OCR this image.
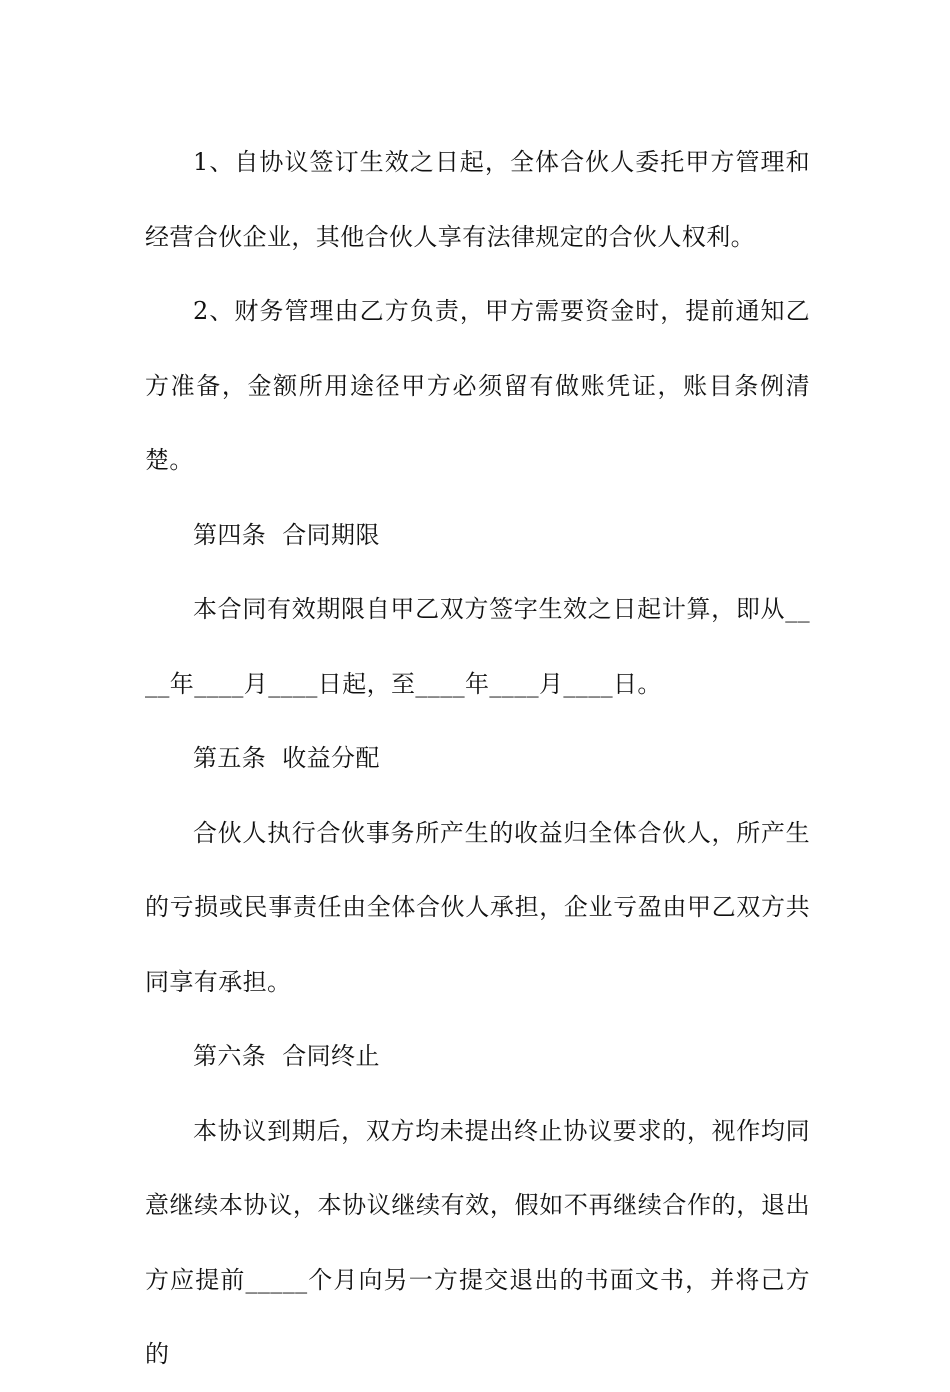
1、自协议签订生效之日起，全体合伙人委托甲方管理和经营合伙企业，其他合伙人享有法律规定的合伙人权利。

2、财务管理由乙方负责，甲方需要资金时，提前通知乙方准备，金额所用途径甲方必须留有做账凭证，账目条例清楚。

第四条  合同期限

本合同有效期限自甲乙双方签字生效之日起计算，即从____年____月____日起，至____年____月____日。

第五条  收益分配

合伙人执行合伙事务所产生的收益归全体合伙人，所产生的亏损或民事责任由全体合伙人承担，企业亏盈由甲乙双方共同享有承担。

第六条  合同终止

本协议到期后，双方均未提出终止协议要求的，视作均同意继续本协议，本协议继续有效，假如不再继续合作的，退出方应提前_____个月向另一方提交退出的书面文书，并将己方的
